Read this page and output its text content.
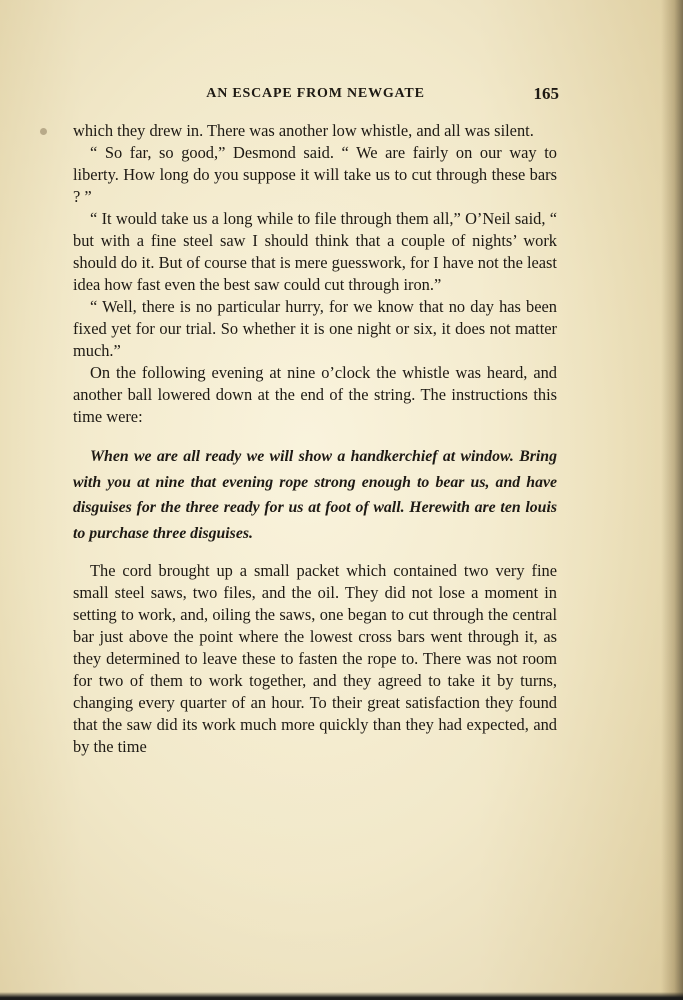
AN ESCAPE FROM NEWGATE	165

which they drew in. There was another low whistle, and all was silent.

“ So far, so good,” Desmond said. “ We are fairly on our way to liberty. How long do you suppose it will take us to cut through these bars ? ”

“ It would take us a long while to file through them all,” O’Neil said, “ but with a fine steel saw I should think that a couple of nights’ work should do it. But of course that is mere guesswork, for I have not the least idea how fast even the best saw could cut through iron.”

“ Well, there is no particular hurry, for we know that no day has been fixed yet for our trial. So whether it is one night or six, it does not matter much.”

On the following evening at nine o’clock the whistle was heard, and another ball lowered down at the end of the string. The instructions this time were:

When we are all ready we will show a handkerchief at window. Bring with you at nine that evening rope strong enough to bear us, and have disguises for the three ready for us at foot of wall. Herewith are ten louis to purchase three disguises.

The cord brought up a small packet which contained two very fine small steel saws, two files, and the oil. They did not lose a moment in setting to work, and, oiling the saws, one began to cut through the central bar just above the point where the lowest cross bars went through it, as they determined to leave these to fasten the rope to. There was not room for two of them to work together, and they agreed to take it by turns, changing every quarter of an hour. To their great satisfaction they found that the saw did its work much more quickly than they had expected, and by the time
